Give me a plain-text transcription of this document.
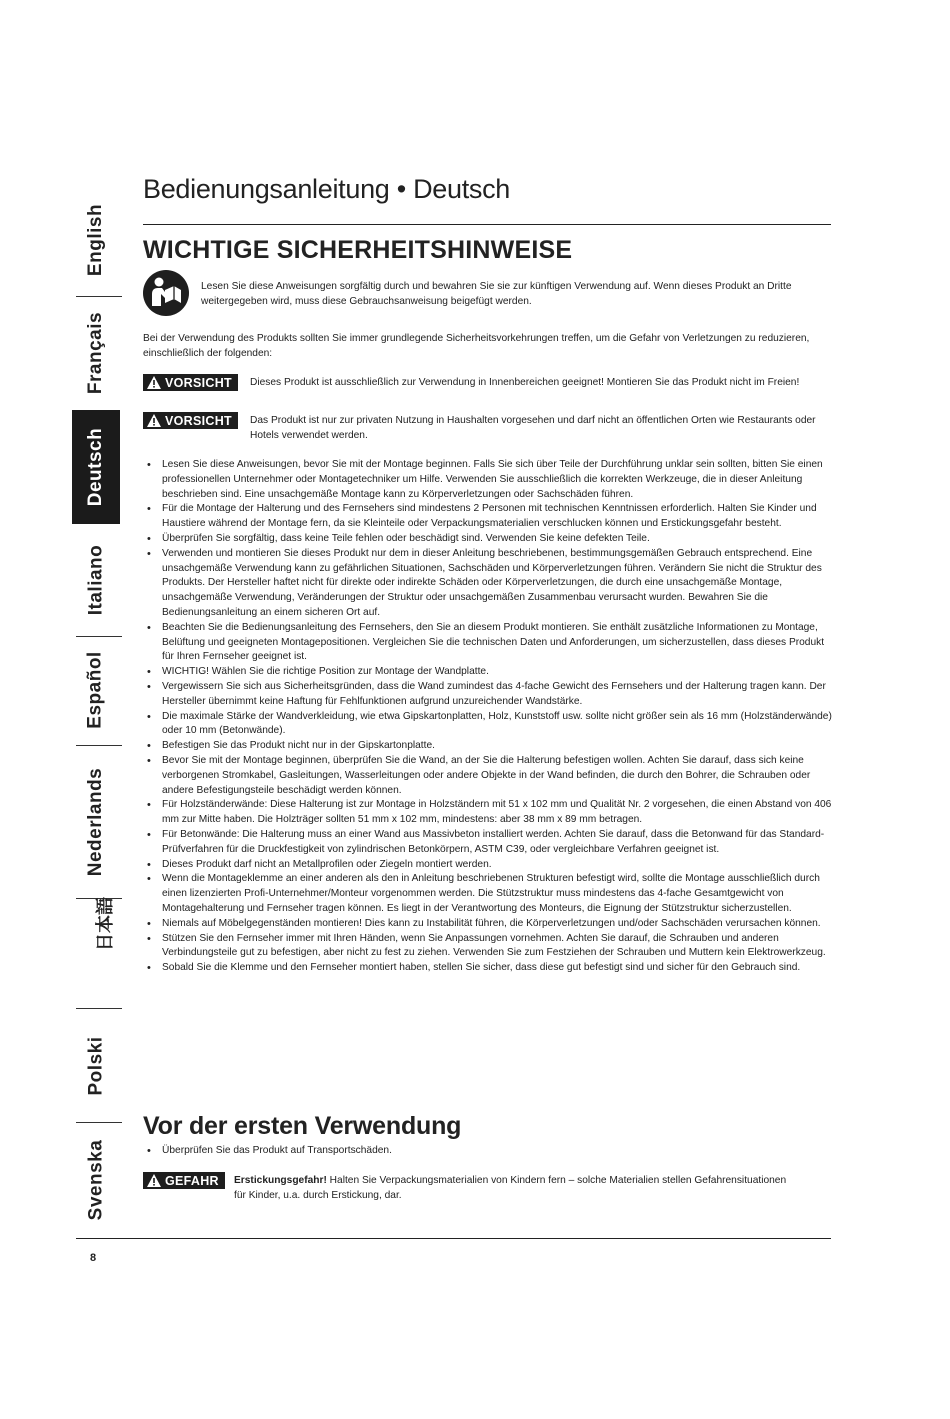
English
Français
Deutsch
Italiano
Español
Nederlands
日本語
Polski
Svenska
Bedienungsanleitung • Deutsch
WICHTIGE SICHERHEITSHINWEISE

Lesen Sie diese Anweisungen sorgfältig durch und bewahren Sie sie zur künftigen Verwendung auf. Wenn dieses Produkt an Dritte weitergegeben wird, muss diese Gebrauchsanweisung beigefügt werden.

Bei der Verwendung des Produkts sollten Sie immer grundlegende Sicherheitsvorkehrungen treffen, um die Gefahr von Verletzungen zu reduzieren, einschließlich der folgenden:

VORSICHT Dieses Produkt ist ausschließlich zur Verwendung in Innenbereichen geeignet! Montieren Sie das Produkt nicht im Freien!

VORSICHT Das Produkt ist nur zur privaten Nutzung in Haushalten vorgesehen und darf nicht an öffentlichen Orten wie Restaurants oder Hotels verwendet werden.

• Lesen Sie diese Anweisungen, bevor Sie mit der Montage beginnen. Falls Sie sich über Teile der Durchführung unklar sein sollten, bitten Sie einen professionellen Unternehmer oder Montagetechniker um Hilfe. Verwenden Sie ausschließlich die korrekten Werkzeuge, die in dieser Anleitung beschrieben sind. Eine unsachgemäße Montage kann zu Körperverletzungen oder Sachschäden führen.
• Für die Montage der Halterung und des Fernsehers sind mindestens 2 Personen mit technischen Kenntnissen erforderlich. Halten Sie Kinder und Haustiere während der Montage fern, da sie Kleinteile oder Verpackungsmaterialien verschlucken können und Erstickungsgefahr besteht.
• Überprüfen Sie sorgfältig, dass keine Teile fehlen oder beschädigt sind. Verwenden Sie keine defekten Teile.
• Verwenden und montieren Sie dieses Produkt nur dem in dieser Anleitung beschriebenen, bestimmungsgemäßen Gebrauch entsprechend. Eine unsachgemäße Verwendung kann zu gefährlichen Situationen, Sachschäden und Körperverletzungen führen. Verändern Sie nicht die Struktur des Produkts. Der Hersteller haftet nicht für direkte oder indirekte Schäden oder Körperverletzungen, die durch eine unsachgemäße Montage, unsachgemäße Verwendung, Veränderungen der Struktur oder unsachgemäßen Zusammenbau verursacht wurden. Bewahren Sie die Bedienungsanleitung an einem sicheren Ort auf.
• Beachten Sie die Bedienungsanleitung des Fernsehers, den Sie an diesem Produkt montieren. Sie enthält zusätzliche Informationen zu Montage, Belüftung und geeigneten Montagepositionen. Vergleichen Sie die technischen Daten und Anforderungen, um sicherzustellen, dass dieses Produkt für Ihren Fernseher geeignet ist.
• WICHTIG! Wählen Sie die richtige Position zur Montage der Wandplatte.
• Vergewissern Sie sich aus Sicherheitsgründen, dass die Wand zumindest das 4-fache Gewicht des Fernsehers und der Halterung tragen kann. Der Hersteller übernimmt keine Haftung für Fehlfunktionen aufgrund unzureichender Wandstärke.
• Die maximale Stärke der Wandverkleidung, wie etwa Gipskartonplatten, Holz, Kunststoff usw. sollte nicht größer sein als 16 mm (Holzständerwände) oder 10 mm (Betonwände).
• Befestigen Sie das Produkt nicht nur in der Gipskartonplatte.
• Bevor Sie mit der Montage beginnen, überprüfen Sie die Wand, an der Sie die Halterung befestigen wollen. Achten Sie darauf, dass sich keine verborgenen Stromkabel, Gasleitungen, Wasserleitungen oder andere Objekte in der Wand befinden, die durch den Bohrer, die Schrauben oder andere Befestigungsteile beschädigt werden können.
• Für Holzständerwände: Diese Halterung ist zur Montage in Holzständern mit 51 x 102 mm und Qualität Nr. 2 vorgesehen, die einen Abstand von 406 mm zur Mitte haben. Die Holzträger sollten 51 mm x 102 mm, mindestens: aber 38 mm x 89 mm betragen.
• Für Betonwände: Die Halterung muss an einer Wand aus Massivbeton installiert werden. Achten Sie darauf, dass die Betonwand für das Standard-Prüfverfahren für die Druckfestigkeit von zylindrischen Betonkörpern, ASTM C39, oder vergleichbare Verfahren geeignet ist.
• Dieses Produkt darf nicht an Metallprofilen oder Ziegeln montiert werden.
• Wenn die Montageklemme an einer anderen als den in Anleitung beschriebenen Strukturen befestigt wird, sollte die Montage ausschließlich durch einen lizenzierten Profi-Unternehmer/Monteur vorgenommen werden. Die Stützstruktur muss mindestens das 4-fache Gesamtgewicht von Montagehalterung und Fernseher tragen können. Es liegt in der Verantwortung des Monteurs, die Eignung der Stützstruktur sicherzustellen.
• Niemals auf Möbelgegenständen montieren! Dies kann zu Instabilität führen, die Körperverletzungen und/oder Sachschäden verursachen können.
• Stützen Sie den Fernseher immer mit Ihren Händen, wenn Sie Anpassungen vornehmen. Achten Sie darauf, die Schrauben und anderen Verbindungsteile gut zu befestigen, aber nicht zu fest zu ziehen. Verwenden Sie zum Festziehen der Schrauben und Muttern kein Elektrowerkzeug.
• Sobald Sie die Klemme und den Fernseher montiert haben, stellen Sie sicher, dass diese gut befestigt sind und sicher für den Gebrauch sind.
Vor der ersten Verwendung
• Überprüfen Sie das Produkt auf Transportschäden.
GEFAHR Erstickungsgefahr! Halten Sie Verpackungsmaterialien von Kindern fern – solche Materialien stellen Gefahrensituationen für Kinder, u.a. durch Erstickung, dar.

8
